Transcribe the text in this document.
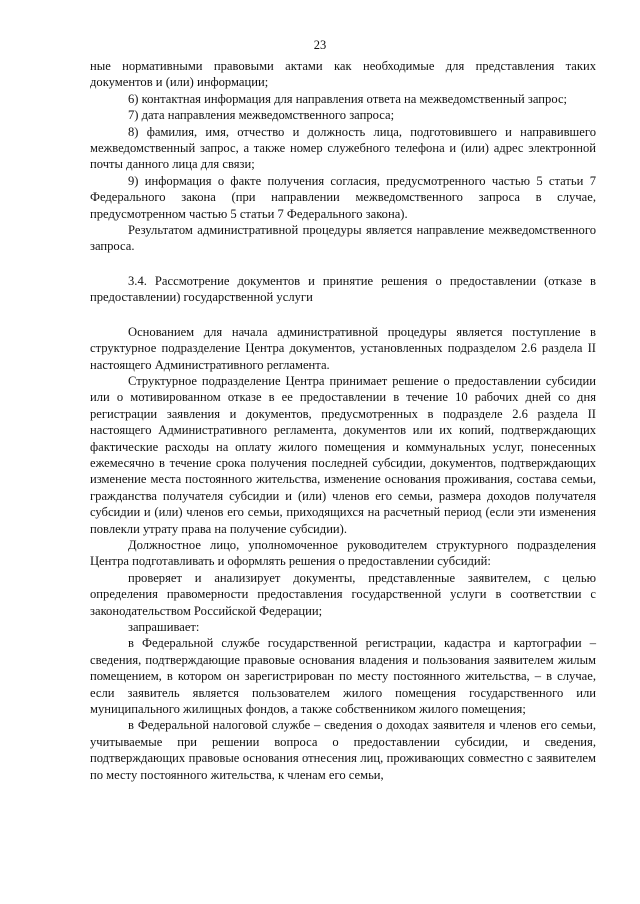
23

ные нормативными правовыми актами как необходимые для представления таких документов и (или) информации;

6) контактная информация для направления ответа на межведомственный запрос;

7) дата направления межведомственного запроса;

8) фамилия, имя, отчество и должность лица, подготовившего и направившего межведомственный запрос, а также номер служебного телефона и (или) адрес электронной почты данного лица для связи;

9) информация о факте получения согласия, предусмотренного частью 5 статьи 7 Федерального закона (при направлении межведомственного запроса в случае, предусмотренном частью 5 статьи 7 Федерального закона).

Результатом административной процедуры является направление межведомственного запроса.

3.4. Рассмотрение документов и принятие решения о предоставлении (отказе в предоставлении) государственной услуги

Основанием для начала административной процедуры является поступление в структурное подразделение Центра документов, установленных подразделом 2.6 раздела II настоящего Административного регламента.

Структурное подразделение Центра принимает решение о предоставлении субсидии или о мотивированном отказе в ее предоставлении в течение 10 рабочих дней со дня регистрации заявления и документов, предусмотренных в подразделе 2.6 раздела II настоящего Административного регламента, документов или их копий, подтверждающих фактические расходы на оплату жилого помещения и коммунальных услуг, понесенных ежемесячно в течение срока получения последней субсидии, документов, подтверждающих изменение места постоянного жительства, изменение основания проживания, состава семьи, гражданства получателя субсидии и (или) членов его семьи, размера доходов получателя субсидии и (или) членов его семьи, приходящихся на расчетный период (если эти изменения повлекли утрату права на получение субсидии).

Должностное лицо, уполномоченное руководителем структурного подразделения Центра подготавливать и оформлять решения о предоставлении субсидий:

проверяет и анализирует документы, представленные заявителем, с целью определения правомерности предоставления государственной услуги в соответствии с законодательством Российской Федерации;

запрашивает:

в Федеральной службе государственной регистрации, кадастра и картографии – сведения, подтверждающие правовые основания владения и пользования заявителем жилым помещением, в котором он зарегистрирован по месту постоянного жительства, – в случае, если заявитель является пользователем жилого помещения государственного или муниципального жилищных фондов, а также собственником жилого помещения;

в Федеральной налоговой службе – сведения о доходах заявителя и членов его семьи, учитываемые при решении вопроса о предоставлении субсидии, и сведения, подтверждающих правовые основания отнесения лиц, проживающих совместно с заявителем по месту постоянного жительства, к членам его семьи,
